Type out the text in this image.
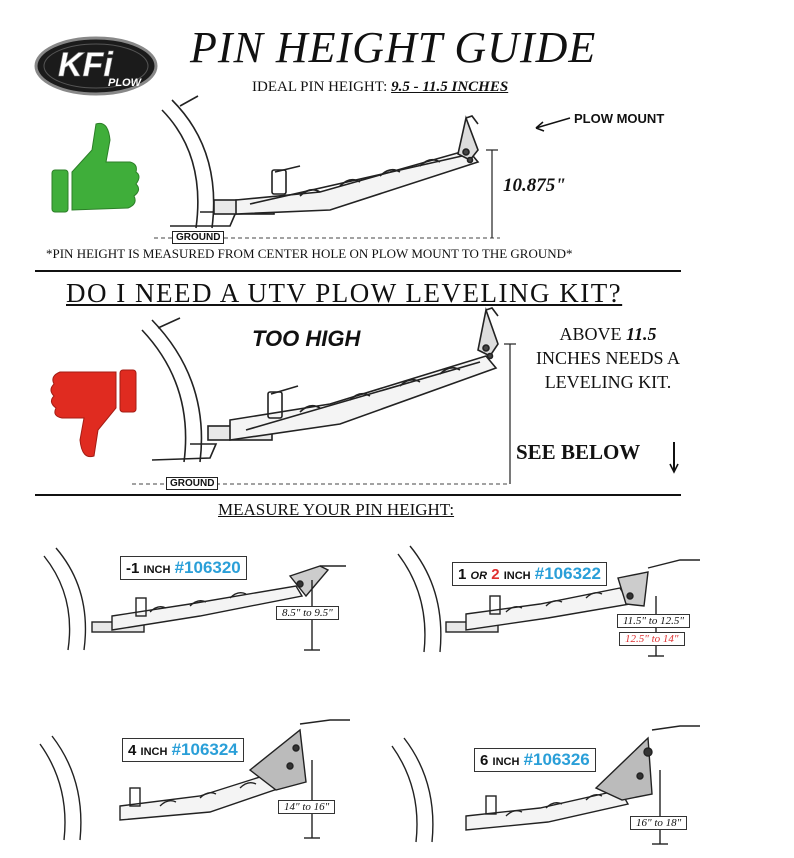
KFi
PLOW
PIN HEIGHT GUIDE
IDEAL PIN HEIGHT: 9.5 - 11.5 INCHES
PLOW MOUNT
10.875"
GROUND
*PIN HEIGHT IS MEASURED FROM CENTER HOLE ON PLOW MOUNT TO THE GROUND*
DO I NEED A UTV PLOW LEVELING KIT?
TOO HIGH	ABOVE 11.5 INCHES NEEDS A LEVELING KIT.
SEE BELOW
GROUND
MEASURE YOUR PIN HEIGHT:
-1 INCH #106320
8.5" to 9.5"
1 OR 2 INCH #106322
11.5" to 12.5"
12.5" to 14"
4 INCH #106324
14" to 16"
6 INCH #106326
16" to 18"
